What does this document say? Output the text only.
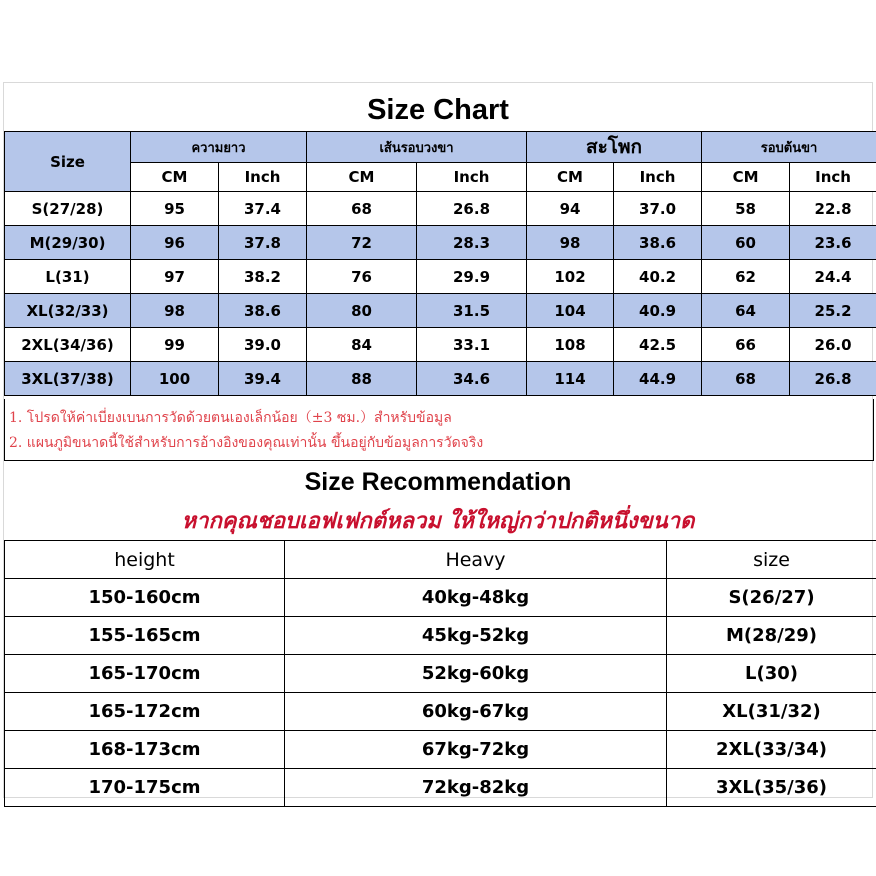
Size Chart
Size	ความยาว		เส้นรอบวงขา		สะโพก		รอบต้นขา	
	CM	Inch	CM	Inch	CM	Inch	CM	Inch
S(27/28)	95	37.4	68	26.8	94	37.0	58	22.8
M(29/30)	96	37.8	72	28.3	98	38.6	60	23.6
L(31)	97	38.2	76	29.9	102	40.2	62	24.4
XL(32/33)	98	38.6	80	31.5	104	40.9	64	25.2
2XL(34/36)	99	39.0	84	33.1	108	42.5	66	26.0
3XL(37/38)	100	39.4	88	34.6	114	44.9	68	26.8
1. โปรดให้ค่าเบี่ยงเบนการวัดด้วยตนเองเล็กน้อย（±3 ซม.）สำหรับข้อมูล
2. แผนภูมิขนาดนี้ใช้สำหรับการอ้างอิงของคุณเท่านั้น ขึ้นอยู่กับข้อมูลการวัดจริง
Size Recommendation
หากคุณชอบเอฟเฟกต์หลวม ให้ใหญ่กว่าปกติหนึ่งขนาด
height	Heavy	size
150-160cm	40kg-48kg	S(26/27)
155-165cm	45kg-52kg	M(28/29)
165-170cm	52kg-60kg	L(30)
165-172cm	60kg-67kg	XL(31/32)
168-173cm	67kg-72kg	2XL(33/34)
170-175cm	72kg-82kg	3XL(35/36)
